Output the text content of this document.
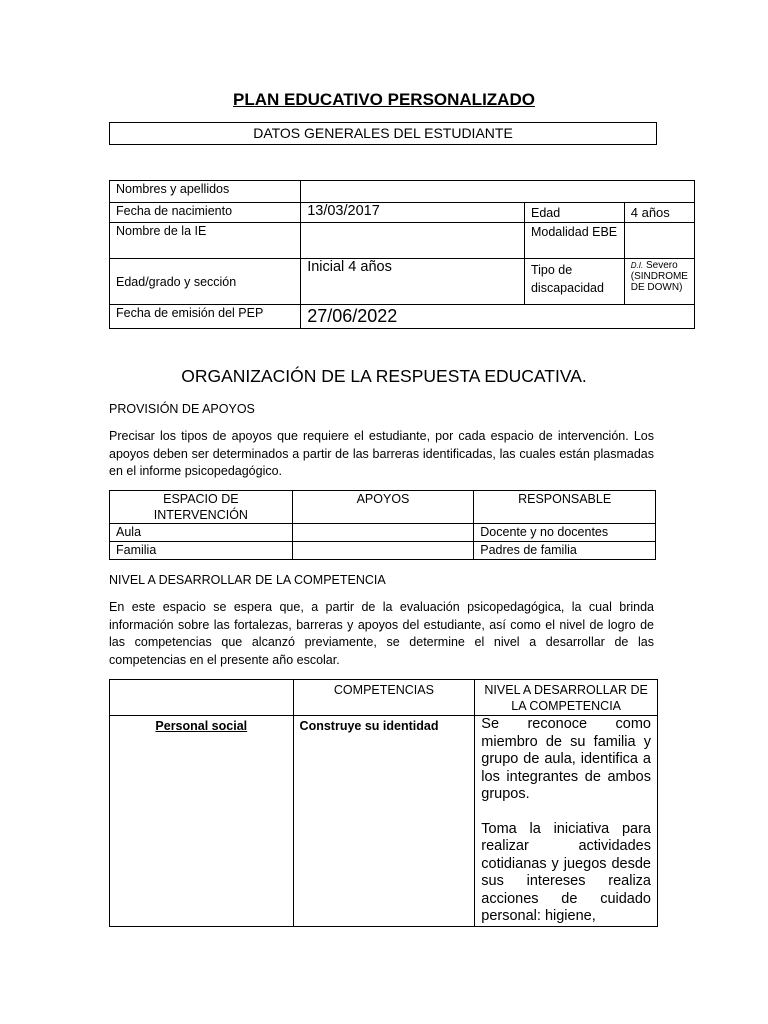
PLAN EDUCATIVO PERSONALIZADO
DATOS GENERALES DEL ESTUDIANTE
Nombres y apellidos			
Fecha de nacimiento	13/03/2017	Edad	4 años
Nombre de la IE		Modalidad EBE	
Edad/grado y sección	Inicial 4 años	Tipo de discapacidad	D.I. Severo (SINDROME DE DOWN)
Fecha de emisión del PEP	27/06/2022		
ORGANIZACIÓN DE LA RESPUESTA EDUCATIVA.
PROVISIÓN DE APOYOS
Precisar los tipos de apoyos que requiere el estudiante, por cada espacio de intervención. Los apoyos deben ser determinados a partir de las barreras identificadas, las cuales están plasmadas en el informe psicopedagógico.
ESPACIO DE INTERVENCIÓN	APOYOS	RESPONSABLE
Aula		Docente y no docentes
Familia		Padres de familia
NIVEL A DESARROLLAR DE LA COMPETENCIA
En este espacio se espera que, a partir de la evaluación psicopedagógica, la cual brinda información sobre las fortalezas, barreras y apoyos del estudiante, así como el nivel de logro de las competencias que alcanzó previamente, se determine el nivel a desarrollar de las competencias en el presente año escolar.
	COMPETENCIAS	NIVEL A DESARROLLAR DE LA COMPETENCIA
Personal social	Construye su identidad	Se reconoce como miembro de su familia y grupo de aula, identifica a los integrantes de ambos grupos.
Toma la iniciativa para realizar actividades cotidianas y juegos desde sus intereses realiza acciones de cuidado personal: higiene,
